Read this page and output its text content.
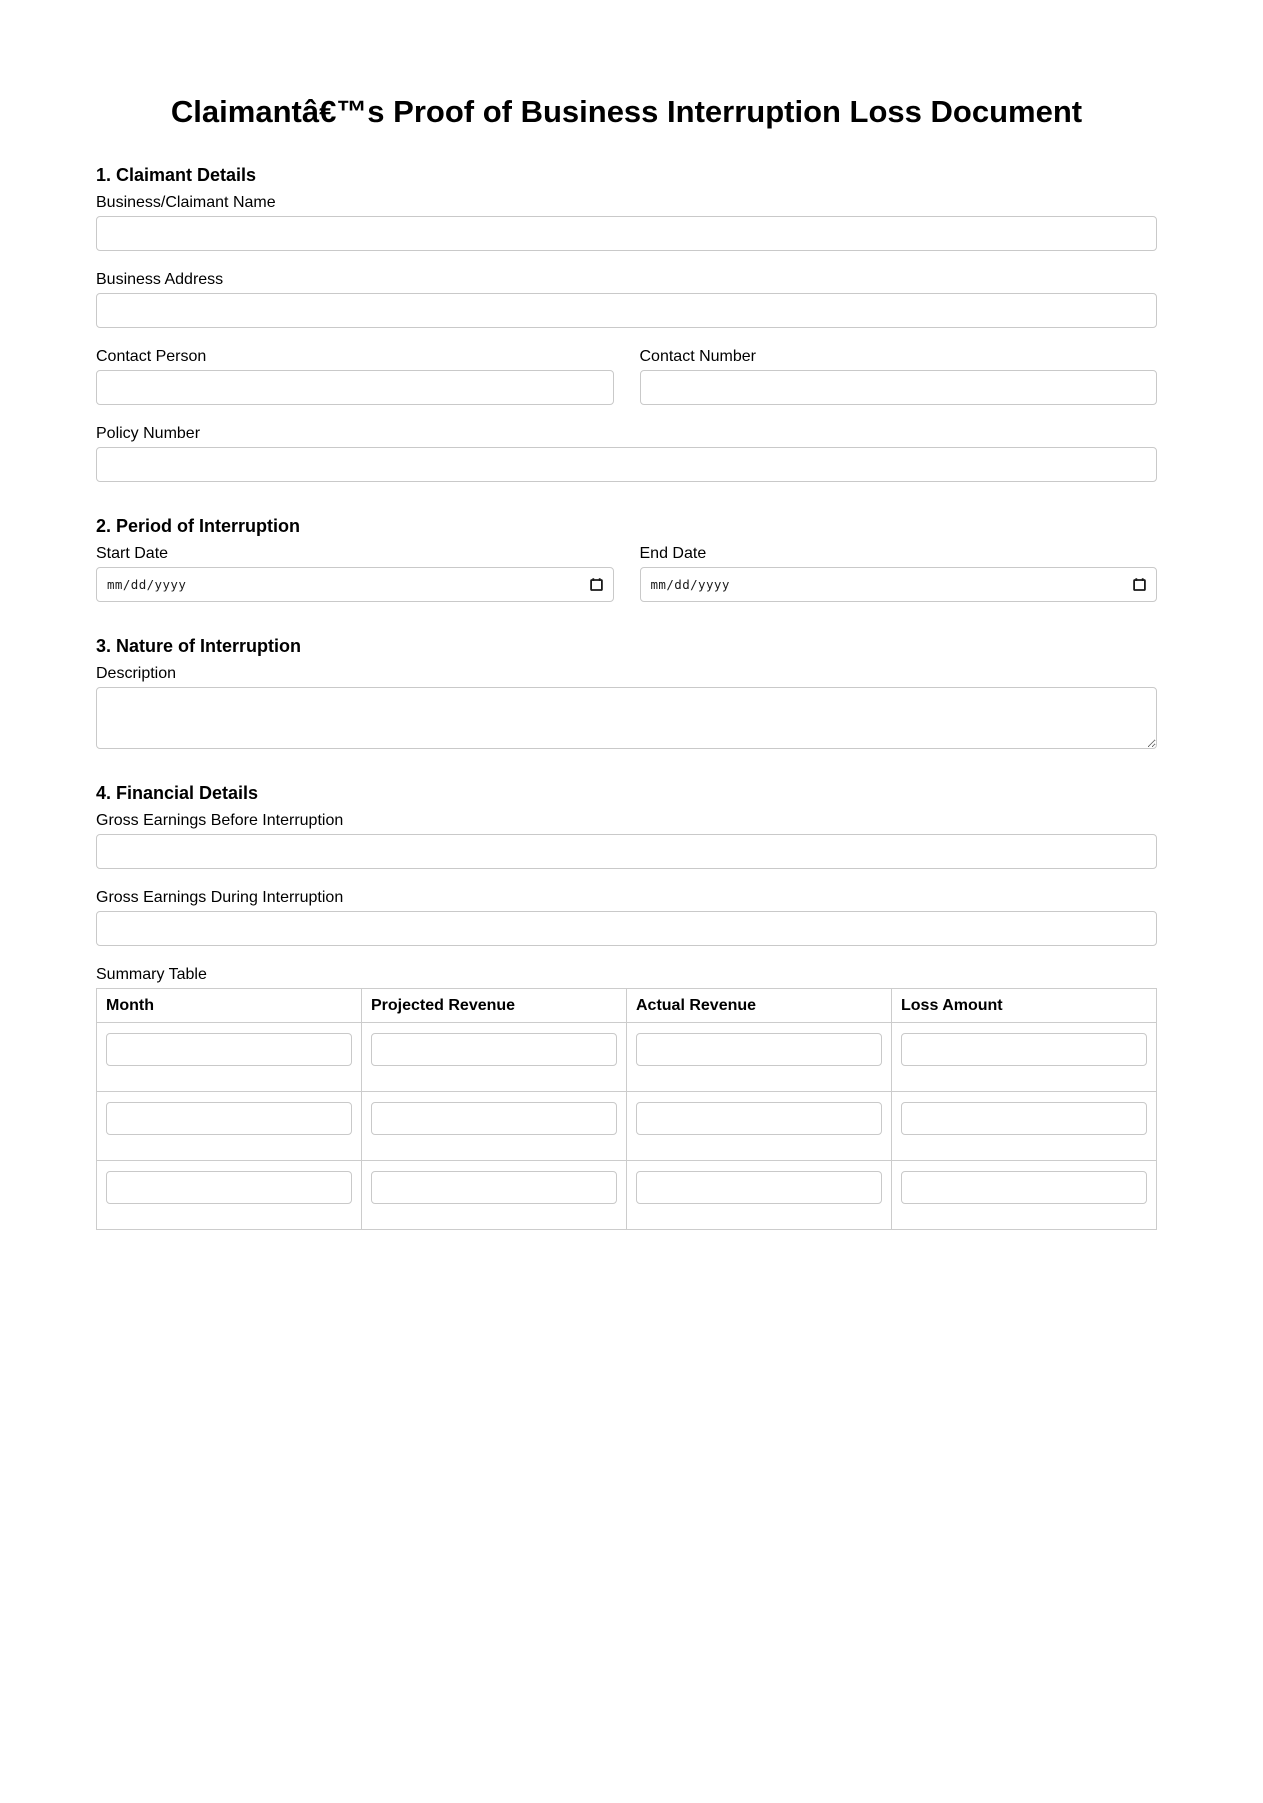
Claimantâ€™s Proof of Business Interruption Loss Document
1. Claimant Details
Business/Claimant Name
Business Address
Contact Person	Contact Number
Policy Number
2. Period of Interruption
Start Date
mm/dd/yyyy
End Date
mm/dd/yyyy
3. Nature of Interruption
Description
4. Financial Details
Gross Earnings Before Interruption
Gross Earnings During Interruption
Summary Table
Month	Projected Revenue	Actual Revenue	Loss Amount
